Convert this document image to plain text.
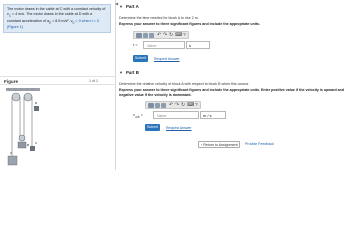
The motor draws in the cable at C with a constant velocity of $v_C = 4$ m/s. The motor draws in the cable at D with a constant acceleration of $a_D = 8.5$ m/s². $v_D = 0$ when t = 0. (Figure 1)
Figure	1 of 1
C
D
B
A
◀
▼ Part A
Determine the time needed for block A to rise 2 m.
Express your answer to three significant figures and include the appropriate units.
↶ ↷ ↻ ⌨ ?
t =	Value	s
Submit	Request Answer
▼ Part B
Determine the relative velocity of block A with respect to block B when this occurs.
Express your answer to three significant figures and include the appropriate units. Enter positive value if the velocity is upward and negative value if the velocity is downward.
↶ ↷ ↻ ⌨ ?
$v_{A/B}$ =	Value	m / s
Submit	Request Answer
‹ Return to Assignment	Provide Feedback
